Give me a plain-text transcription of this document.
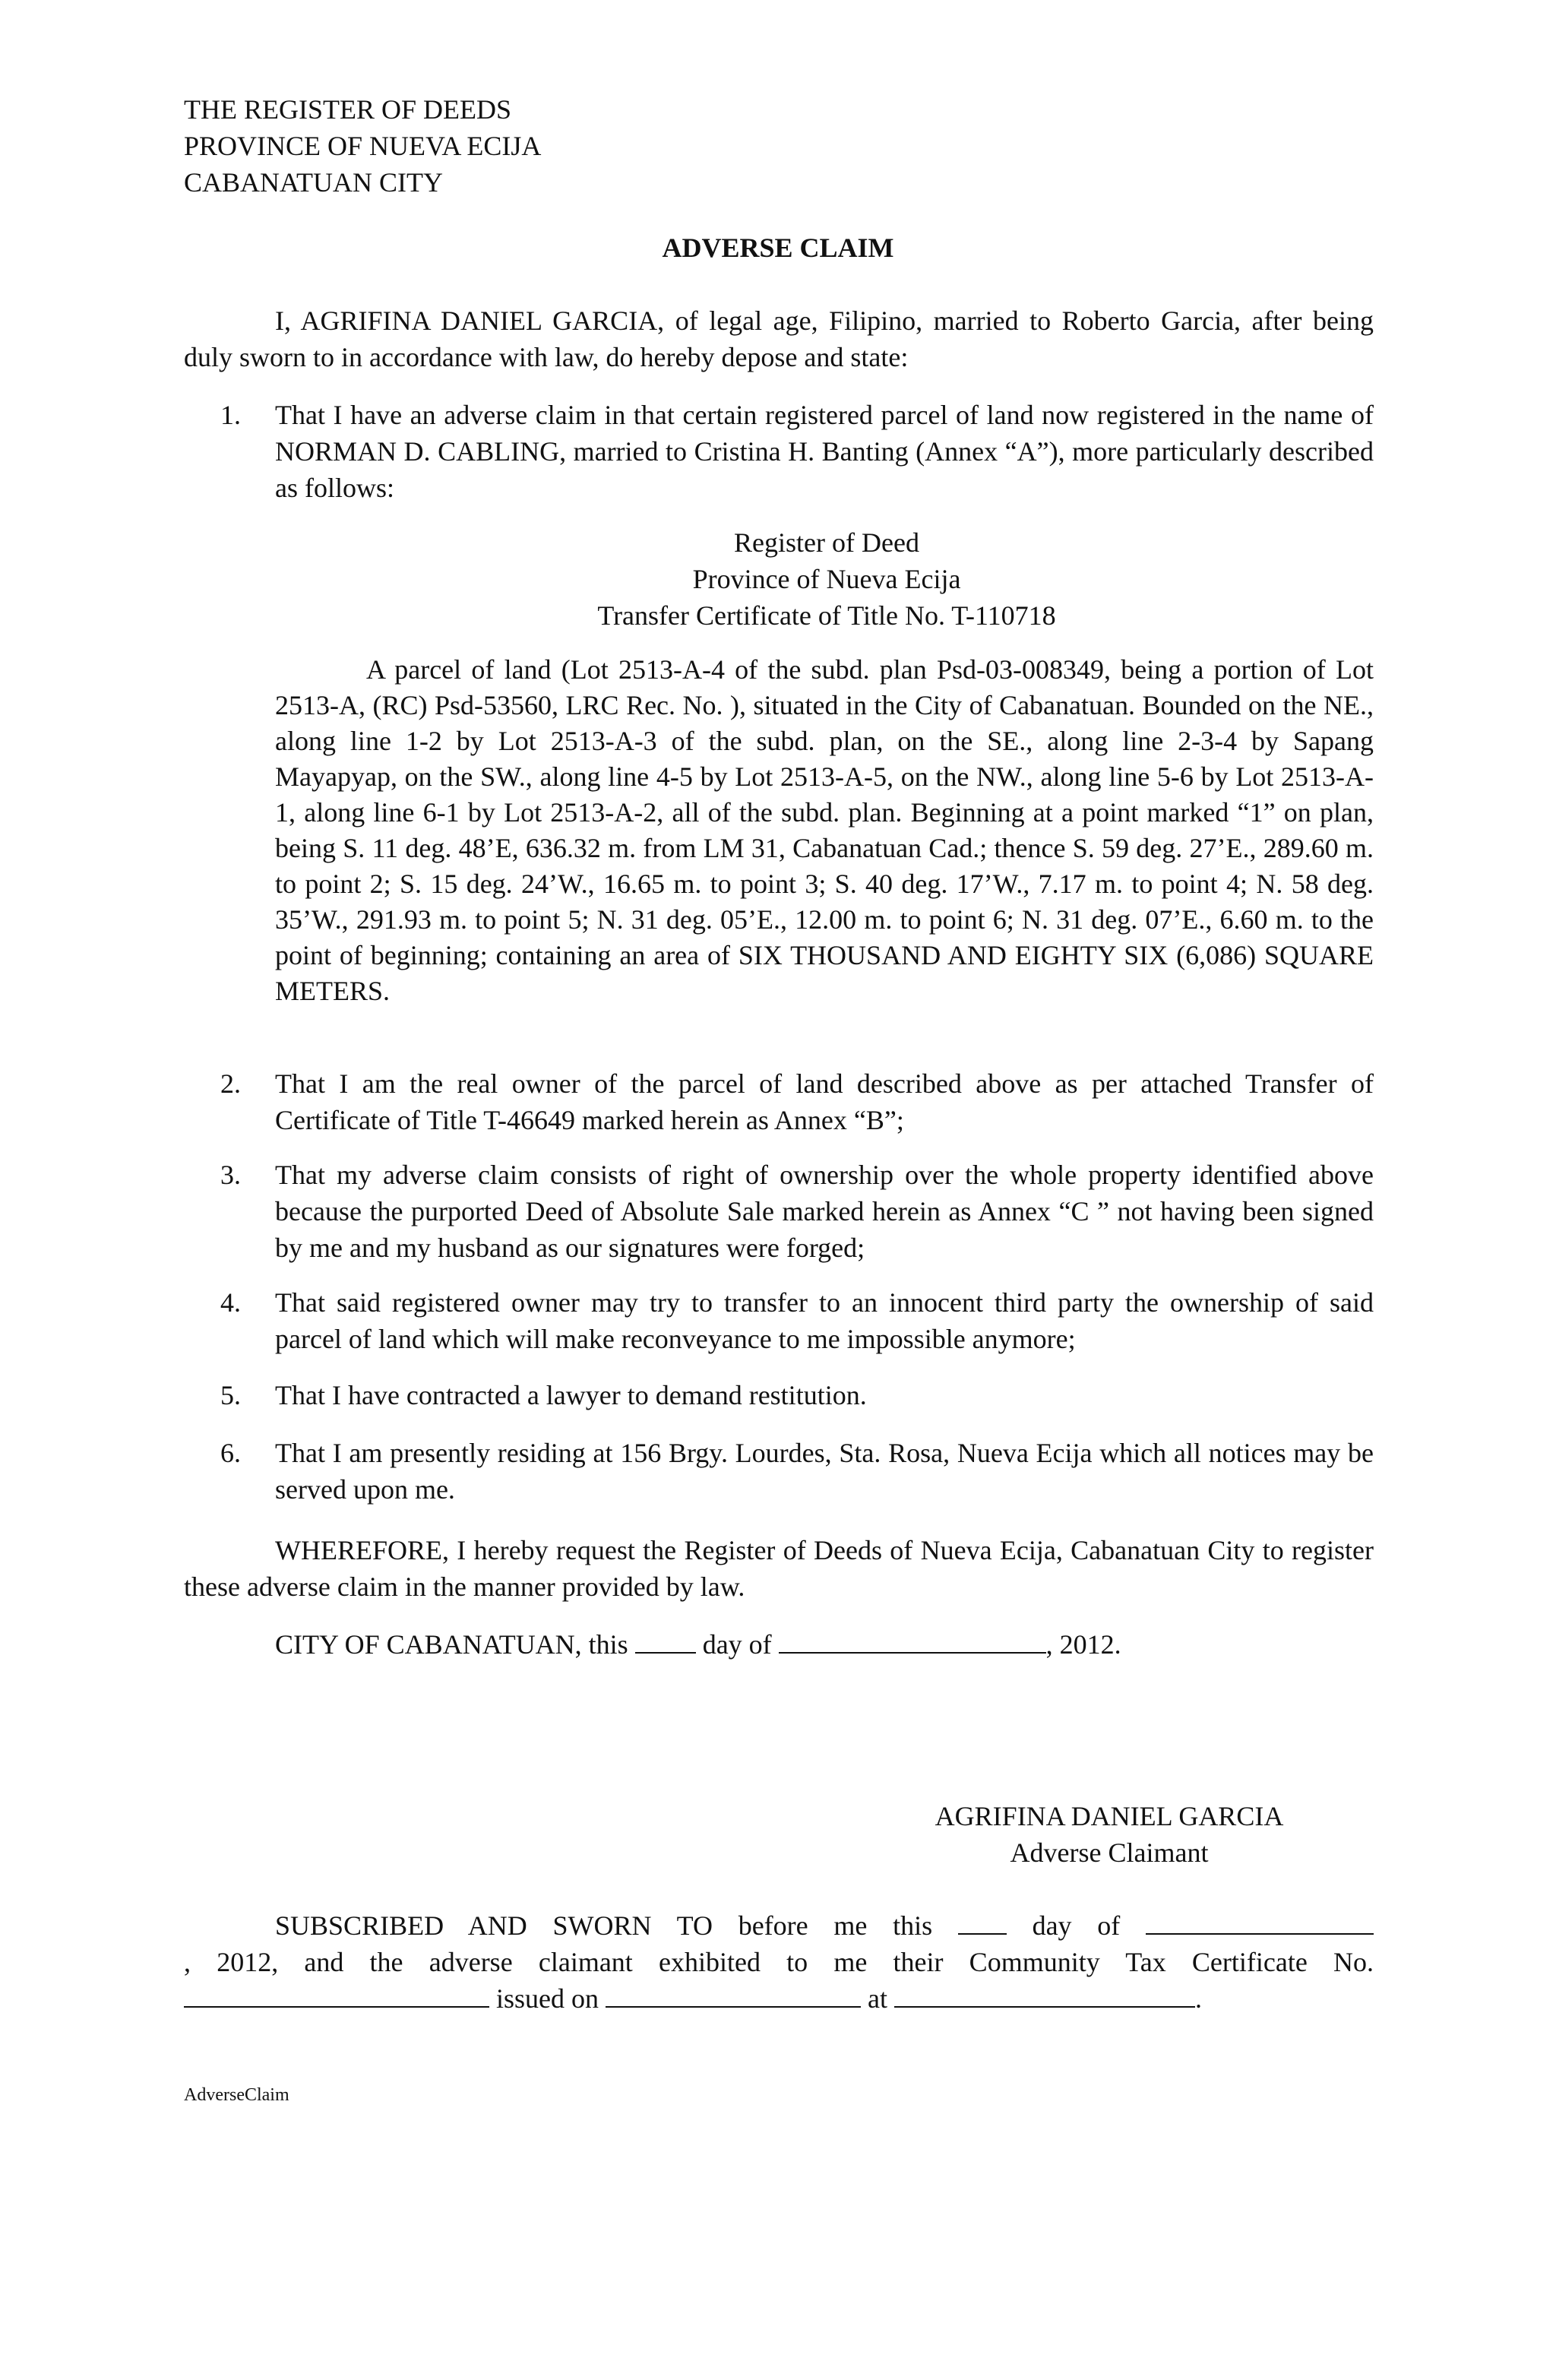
THE REGISTER OF DEEDS
PROVINCE OF NUEVA ECIJA
CABANATUAN CITY
ADVERSE CLAIM
I, AGRIFINA DANIEL GARCIA, of legal age, Filipino, married to Roberto Garcia, after being duly sworn to in accordance with law, do hereby depose and state:
1.	That I have an adverse claim in that certain registered parcel of land now registered in the name of NORMAN D. CABLING, married to Cristina H. Banting (Annex “A”), more particularly described as follows:
Register of Deed
Province of Nueva Ecija
Transfer Certificate of Title No. T-110718
A parcel of land (Lot 2513-A-4 of the subd. plan Psd-03-008349, being a portion of Lot 2513-A, (RC) Psd-53560, LRC Rec. No. ), situated in the City of Cabanatuan. Bounded on the NE., along line 1-2 by Lot 2513-A-3 of the subd. plan, on the SE., along line 2-3-4 by Sapang Mayapyap, on the SW., along line 4-5 by Lot 2513-A-5, on the NW., along line 5-6 by Lot 2513-A-1, along line 6-1 by Lot 2513-A-2, all of the subd. plan. Beginning at a point marked “1” on plan, being S. 11 deg. 48’E, 636.32 m. from LM 31, Cabanatuan Cad.; thence S. 59 deg. 27’E., 289.60 m. to point 2; S. 15 deg. 24’W., 16.65 m. to point 3; S. 40 deg. 17’W., 7.17 m. to point 4; N. 58 deg. 35’W., 291.93 m. to point 5; N. 31 deg. 05’E., 12.00 m. to point 6; N. 31 deg. 07’E., 6.60 m. to the point of beginning; containing an area of SIX THOUSAND AND EIGHTY SIX (6,086) SQUARE METERS.
2.	That I am the real owner of the parcel of land described above as per attached Transfer of Certificate of Title T-46649 marked herein as Annex “B”;
3.	That my adverse claim consists of right of ownership over the whole property identified above because the purported Deed of Absolute Sale marked herein as Annex “C ” not having been signed by me and my husband as our signatures were forged;
4.	That said registered owner may try to transfer to an innocent third party the ownership of said parcel of land which will make reconveyance to me impossible anymore;
5.	That I have contracted a lawyer to demand restitution.
6.	That I am presently residing at 156 Brgy. Lourdes, Sta. Rosa, Nueva Ecija which all notices may be served upon me.
WHEREFORE, I hereby request the Register of Deeds of Nueva Ecija, Cabanatuan City to register these adverse claim in the manner provided by law.
CITY OF CABANATUAN, this	day of	, 2012.
AGRIFINA DANIEL GARCIA
Adverse Claimant
SUBSCRIBED AND SWORN TO before me this	day of
, 2012, and the adverse claimant exhibited to me their Community Tax Certificate No.
issued on	at	.
AdverseClaim
